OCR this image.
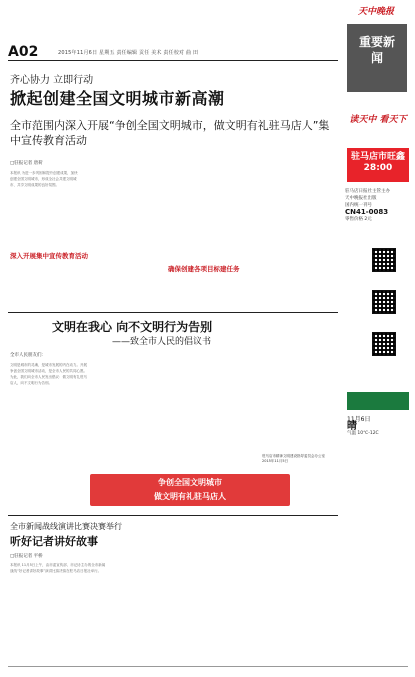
A02	2015年11月6日 星期五 责任编辑 贡任 美术 责任校对 曲 田
天中晚报
重要新闻
齐心协力 立即行动
掀起创建全国文明城市新高潮
全市范围内深入开展“争创全国文明城市，做文明有礼驻马店人”集中宣传教育活动
□驻报记者 唐荷

本报讯 为进一步巩固和提升创建成果，加快创建全国文明城市，形成全社会共建文明城市、共享文明成果的良好氛围。

深入开展集中宣传教育活动
确保创建各项目标建任务
读天中 看天下
驻马店市旺鑫28:00
驻马店日报社主管主办
天中晚报社出版
国内统一刊号
CN41-0083
零售价格 2元
11月6日
晴
气温 10℃-12C
文明在我心 向不文明行为告别
——致全市人民的倡议书
全市人民朋友们：

文明是城市的灵魂，是城市发展的内在动力。开展争创全国文明城市活动，是全市人民的共同心愿。为此，我们向全市人民发出倡议：做文明有礼驻马店人，向不文明行为告别。

驻马店市精神文明建设指导委员会办公室
2015年11月5日
争创全国文明城市
做文明有礼驻马店人
全市新闻战线演讲比赛决赛举行
听好记者讲好故事
□驻报记者 平桥

本报讯 11月5日上午，由市委宣传部、市记协主办的全市新闻战线“好记者讲好故事”演讲比赛决赛在驻马店日报社举行。
